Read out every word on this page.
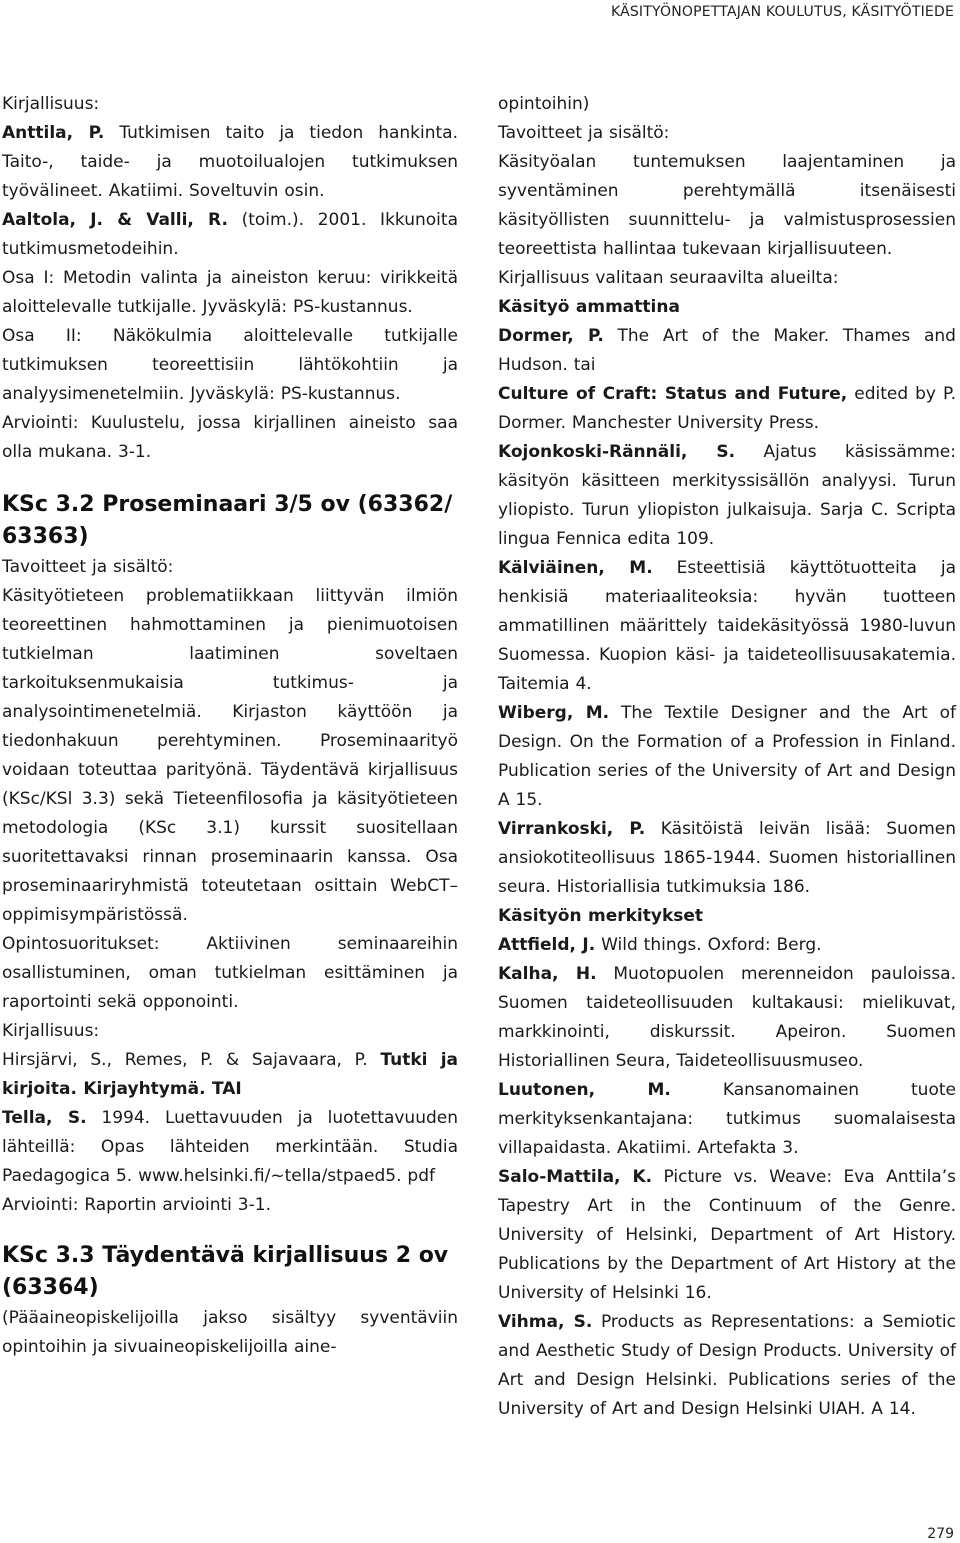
KÄSITYÖNOPETTAJAN KOULUTUS, KÄSITYÖTIEDE

Kirjallisuus:

Anttila, P. Tutkimisen taito ja tiedon hankinta. Taito-, taide- ja muotoilualojen tutkimuksen työvälineet. Akatiimi. Soveltuvin osin.

Aaltola, J. & Valli, R. (toim.). 2001. Ikkunoita tutkimusmetodeihin.

Osa I: Metodin valinta ja aineiston keruu: virikkeitä aloittelevalle tutkijalle. Jyväskylä: PS-kustannus.

Osa II: Näkökulmia aloittelevalle tutkijalle tutkimuksen teoreettisiin lähtökohtiin ja analyysimenetelmiin. Jyväskylä: PS-kustannus.

Arviointi: Kuulustelu, jossa kirjallinen aineisto saa olla mukana. 3-1.

KSc 3.2 Proseminaari 3/5 ov (63362/ 63363)

Tavoitteet ja sisältö:

Käsityötieteen problematiikkaan liittyvän ilmiön teoreettinen hahmottaminen ja pienimuotoisen tutkielman laatiminen soveltaen tarkoituksenmukaisia tutkimus- ja analysointimenetelmiä. Kirjaston käyttöön ja tiedonhakuun perehtyminen. Proseminaarityö voidaan toteuttaa parityönä. Täydentävä kirjallisuus (KSc/KSl 3.3) sekä Tieteenfilosofia ja käsityötieteen metodologia (KSc 3.1) kurssit suositellaan suoritettavaksi rinnan proseminaarin kanssa. Osa proseminaariryhmistä toteutetaan osittain WebCT–oppimisympäristössä.

Opintosuoritukset: Aktiivinen seminaareihin osallistuminen, oman tutkielman esittäminen ja raportointi sekä opponointi.

Kirjallisuus:

Hirsjärvi, S., Remes, P. & Sajavaara, P. Tutki ja kirjoita. Kirjayhtymä. TAI

Tella, S. 1994. Luettavuuden ja luotettavuuden lähteillä: Opas lähteiden merkintään. Studia Paedagogica 5. www.helsinki.fi/~tella/stpaed5. pdf

Arviointi: Raportin arviointi 3-1.

KSc 3.3 Täydentävä kirjallisuus 2 ov (63364)

(Pääaineopiskelijoilla jakso sisältyy syventäviin opintoihin ja sivuaineopiskelijoilla aine-

opintoihin)

Tavoitteet ja sisältö:

Käsityöalan tuntemuksen laajentaminen ja syventäminen perehtymällä itsenäisesti käsityöllisten suunnittelu- ja valmistusprosessien teoreettista hallintaa tukevaan kirjallisuuteen.

Kirjallisuus valitaan seuraavilta alueilta:

Käsityö ammattina

Dormer, P. The Art of the Maker. Thames and Hudson. tai

Culture of Craft: Status and Future, edited by P. Dormer. Manchester University Press.

Kojonkoski-Rännäli, S. Ajatus käsissämme: käsityön käsitteen merkityssisällön analyysi. Turun yliopisto. Turun yliopiston julkaisuja. Sarja C. Scripta lingua Fennica edita 109.

Kälviäinen, M. Esteettisiä käyttötuotteita ja henkisiä materiaaliteoksia: hyvän tuotteen ammatillinen määrittely taidekäsityössä 1980-luvun Suomessa. Kuopion käsi- ja taideteollisuusakatemia. Taitemia 4.

Wiberg, M. The Textile Designer and the Art of Design. On the Formation of a Profession in Finland. Publication series of the University of Art and Design A 15.

Virrankoski, P. Käsitöistä leivän lisää: Suomen ansiokotiteollisuus 1865-1944. Suomen historiallinen seura. Historiallisia tutkimuksia 186.

Käsityön merkitykset

Attfield, J. Wild things. Oxford: Berg.

Kalha, H. Muotopuolen merenneidon pauloissa. Suomen taideteollisuuden kultakausi: mielikuvat, markkinointi, diskurssit. Apeiron. Suomen Historiallinen Seura, Taideteollisuusmuseo.

Luutonen, M. Kansanomainen tuote merkityksenkantajana: tutkimus suomalaisesta villapaidasta. Akatiimi. Artefakta 3.

Salo-Mattila, K. Picture vs. Weave: Eva Anttila’s Tapestry Art in the Continuum of the Genre. University of Helsinki, Department of Art History. Publications by the Department of Art History at the University of Helsinki 16.

Vihma, S. Products as Representations: a Semiotic and Aesthetic Study of Design Products. University of Art and Design Helsinki. Publications series of the University of Art and Design Helsinki UIAH. A 14.

279
